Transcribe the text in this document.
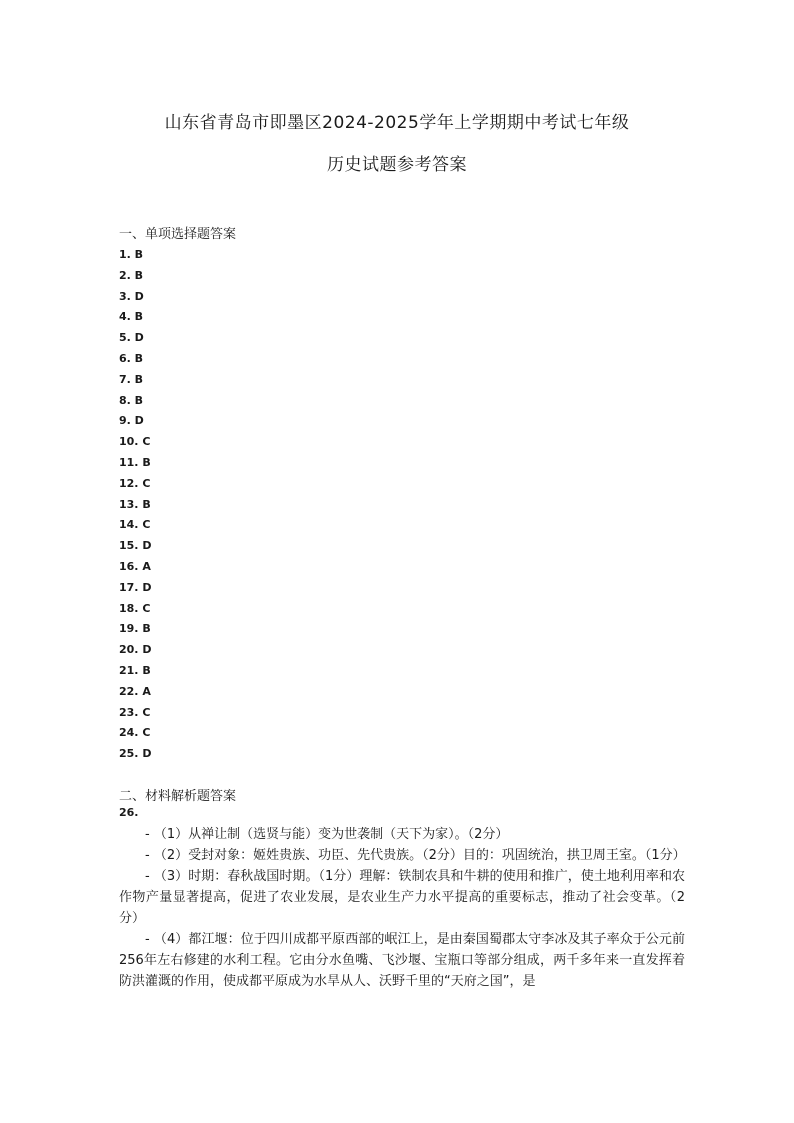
山东省青岛市即墨区2024-2025学年上学期期中考试七年级
历史试题参考答案
一、单项选择题答案
1. B
2. B
3. D
4. B
5. D
6. B
7. B
8. B
9. D
10. C
11. B
12. C
13. B
14. C
15. D
16. A
17. D
18. C
19. B
20. D
21. B
22. A
23. C
24. C
25. D
二、材料解析题答案
26.

- （1）从禅让制（选贤与能）变为世袭制（天下为家）。（2分）

- （2）受封对象：姬姓贵族、功臣、先代贵族。（2分）目的：巩固统治，拱卫周王室。（1分）

- （3）时期：春秋战国时期。（1分）理解：铁制农具和牛耕的使用和推广，使土地利用率和农作物产量显著提高，促进了农业发展，是农业生产力水平提高的重要标志，推动了社会变革。（2分）

- （4）都江堰：位于四川成都平原西部的岷江上，是由秦国蜀郡太守李冰及其子率众于公元前256年左右修建的水利工程。它由分水鱼嘴、飞沙堰、宝瓶口等部分组成，两千多年来一直发挥着防洪灌溉的作用，使成都平原成为水旱从人、沃野千里的“天府之国”，是
